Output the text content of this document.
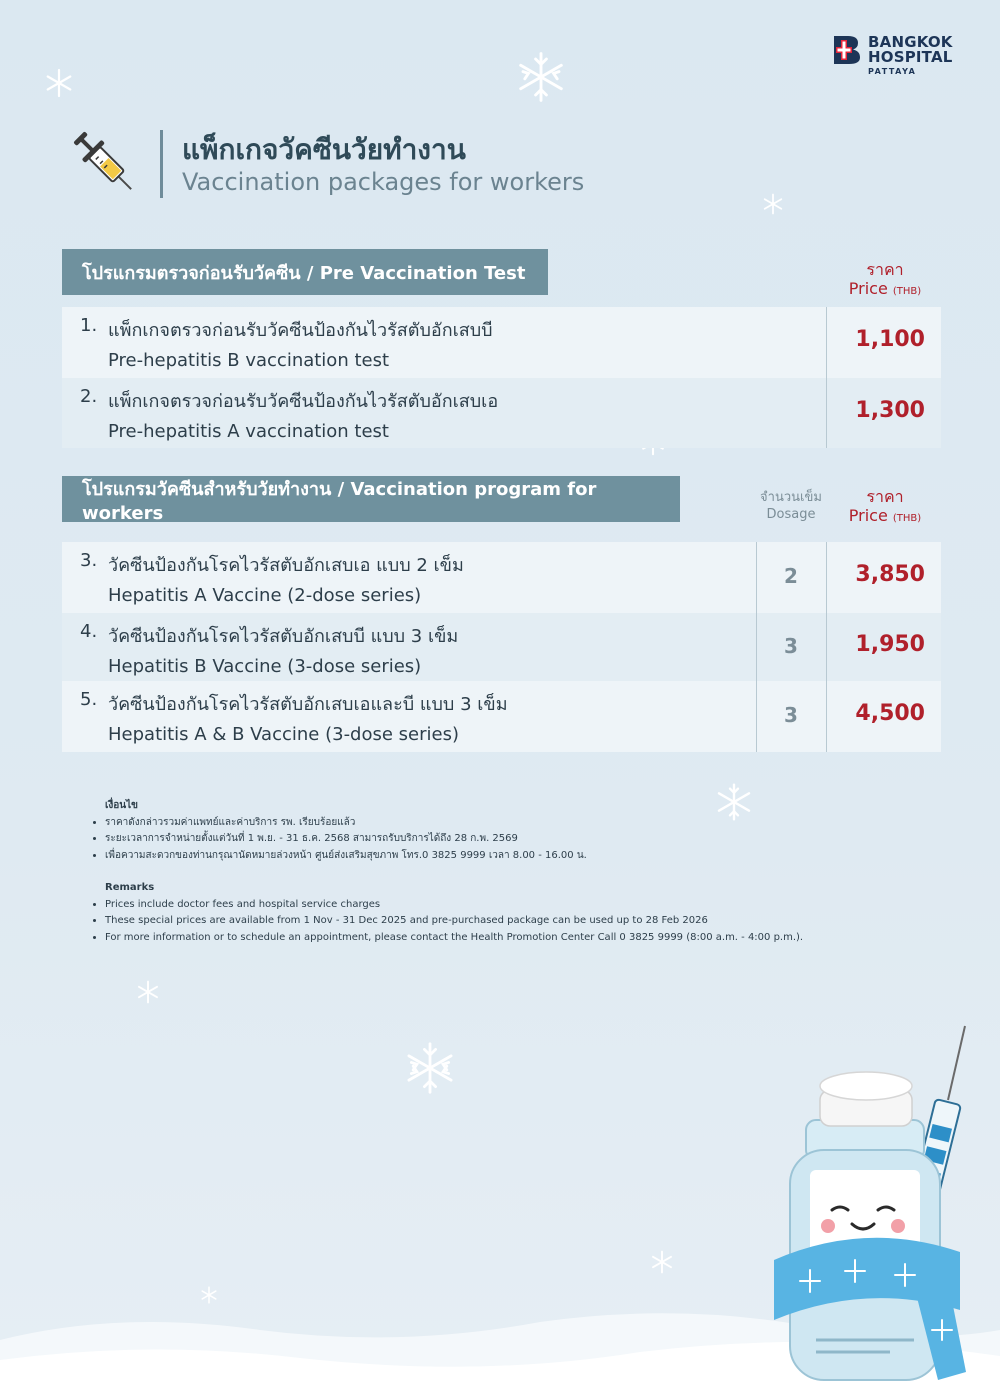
BANGKOK
HOSPITAL
PATTAYA
แพ็กเกจวัคซีนวัยทำงาน
Vaccination packages for workers
โปรแกรมตรวจก่อนรับวัคซีน / Pre Vaccination Test	ราคา
Price (THB)
1. แพ็กเกจตรวจก่อนรับวัคซีนป้องกันไวรัสตับอักเสบบี
Pre-hepatitis B vaccination test
1,100
2. แพ็กเกจตรวจก่อนรับวัคซีนป้องกันไวรัสตับอักเสบเอ
Pre-hepatitis A vaccination test
1,300
โปรแกรมวัคซีนสำหรับวัยทำงาน / Vaccination program for workers
จำนวนเข็ม
Dosage
ราคา
Price (THB)
3. วัคซีนป้องกันโรคไวรัสตับอักเสบเอ แบบ 2 เข็ม
Hepatitis A Vaccine (2-dose series)
2	3,850
4. วัคซีนป้องกันโรคไวรัสตับอักเสบบี แบบ 3 เข็ม
Hepatitis B Vaccine (3-dose series)
3	1,950
5. วัคซีนป้องกันโรคไวรัสตับอักเสบเอและบี แบบ 3 เข็ม
Hepatitis A & B Vaccine (3-dose series)
3	4,500
เงื่อนไข
• ราคาดังกล่าวรวมค่าแพทย์และค่าบริการ รพ. เรียบร้อยแล้ว
• ระยะเวลาการจำหน่ายตั้งแต่วันที่ 1 พ.ย. - 31 ธ.ค. 2568 สามารถรับบริการได้ถึง 28 ก.พ. 2569
• เพื่อความสะดวกของท่านกรุณานัดหมายล่วงหน้า ศูนย์ส่งเสริมสุขภาพ โทร.0 3825 9999 เวลา 8.00 - 16.00 น.
Remarks
• Prices include doctor fees and hospital service charges
• These special prices are available from 1 Nov - 31 Dec 2025 and pre-purchased package can be used up to 28 Feb 2026
• For more information or to schedule an appointment, please contact the Health Promotion Center Call 0 3825 9999 (8:00 a.m. - 4:00 p.m.).
